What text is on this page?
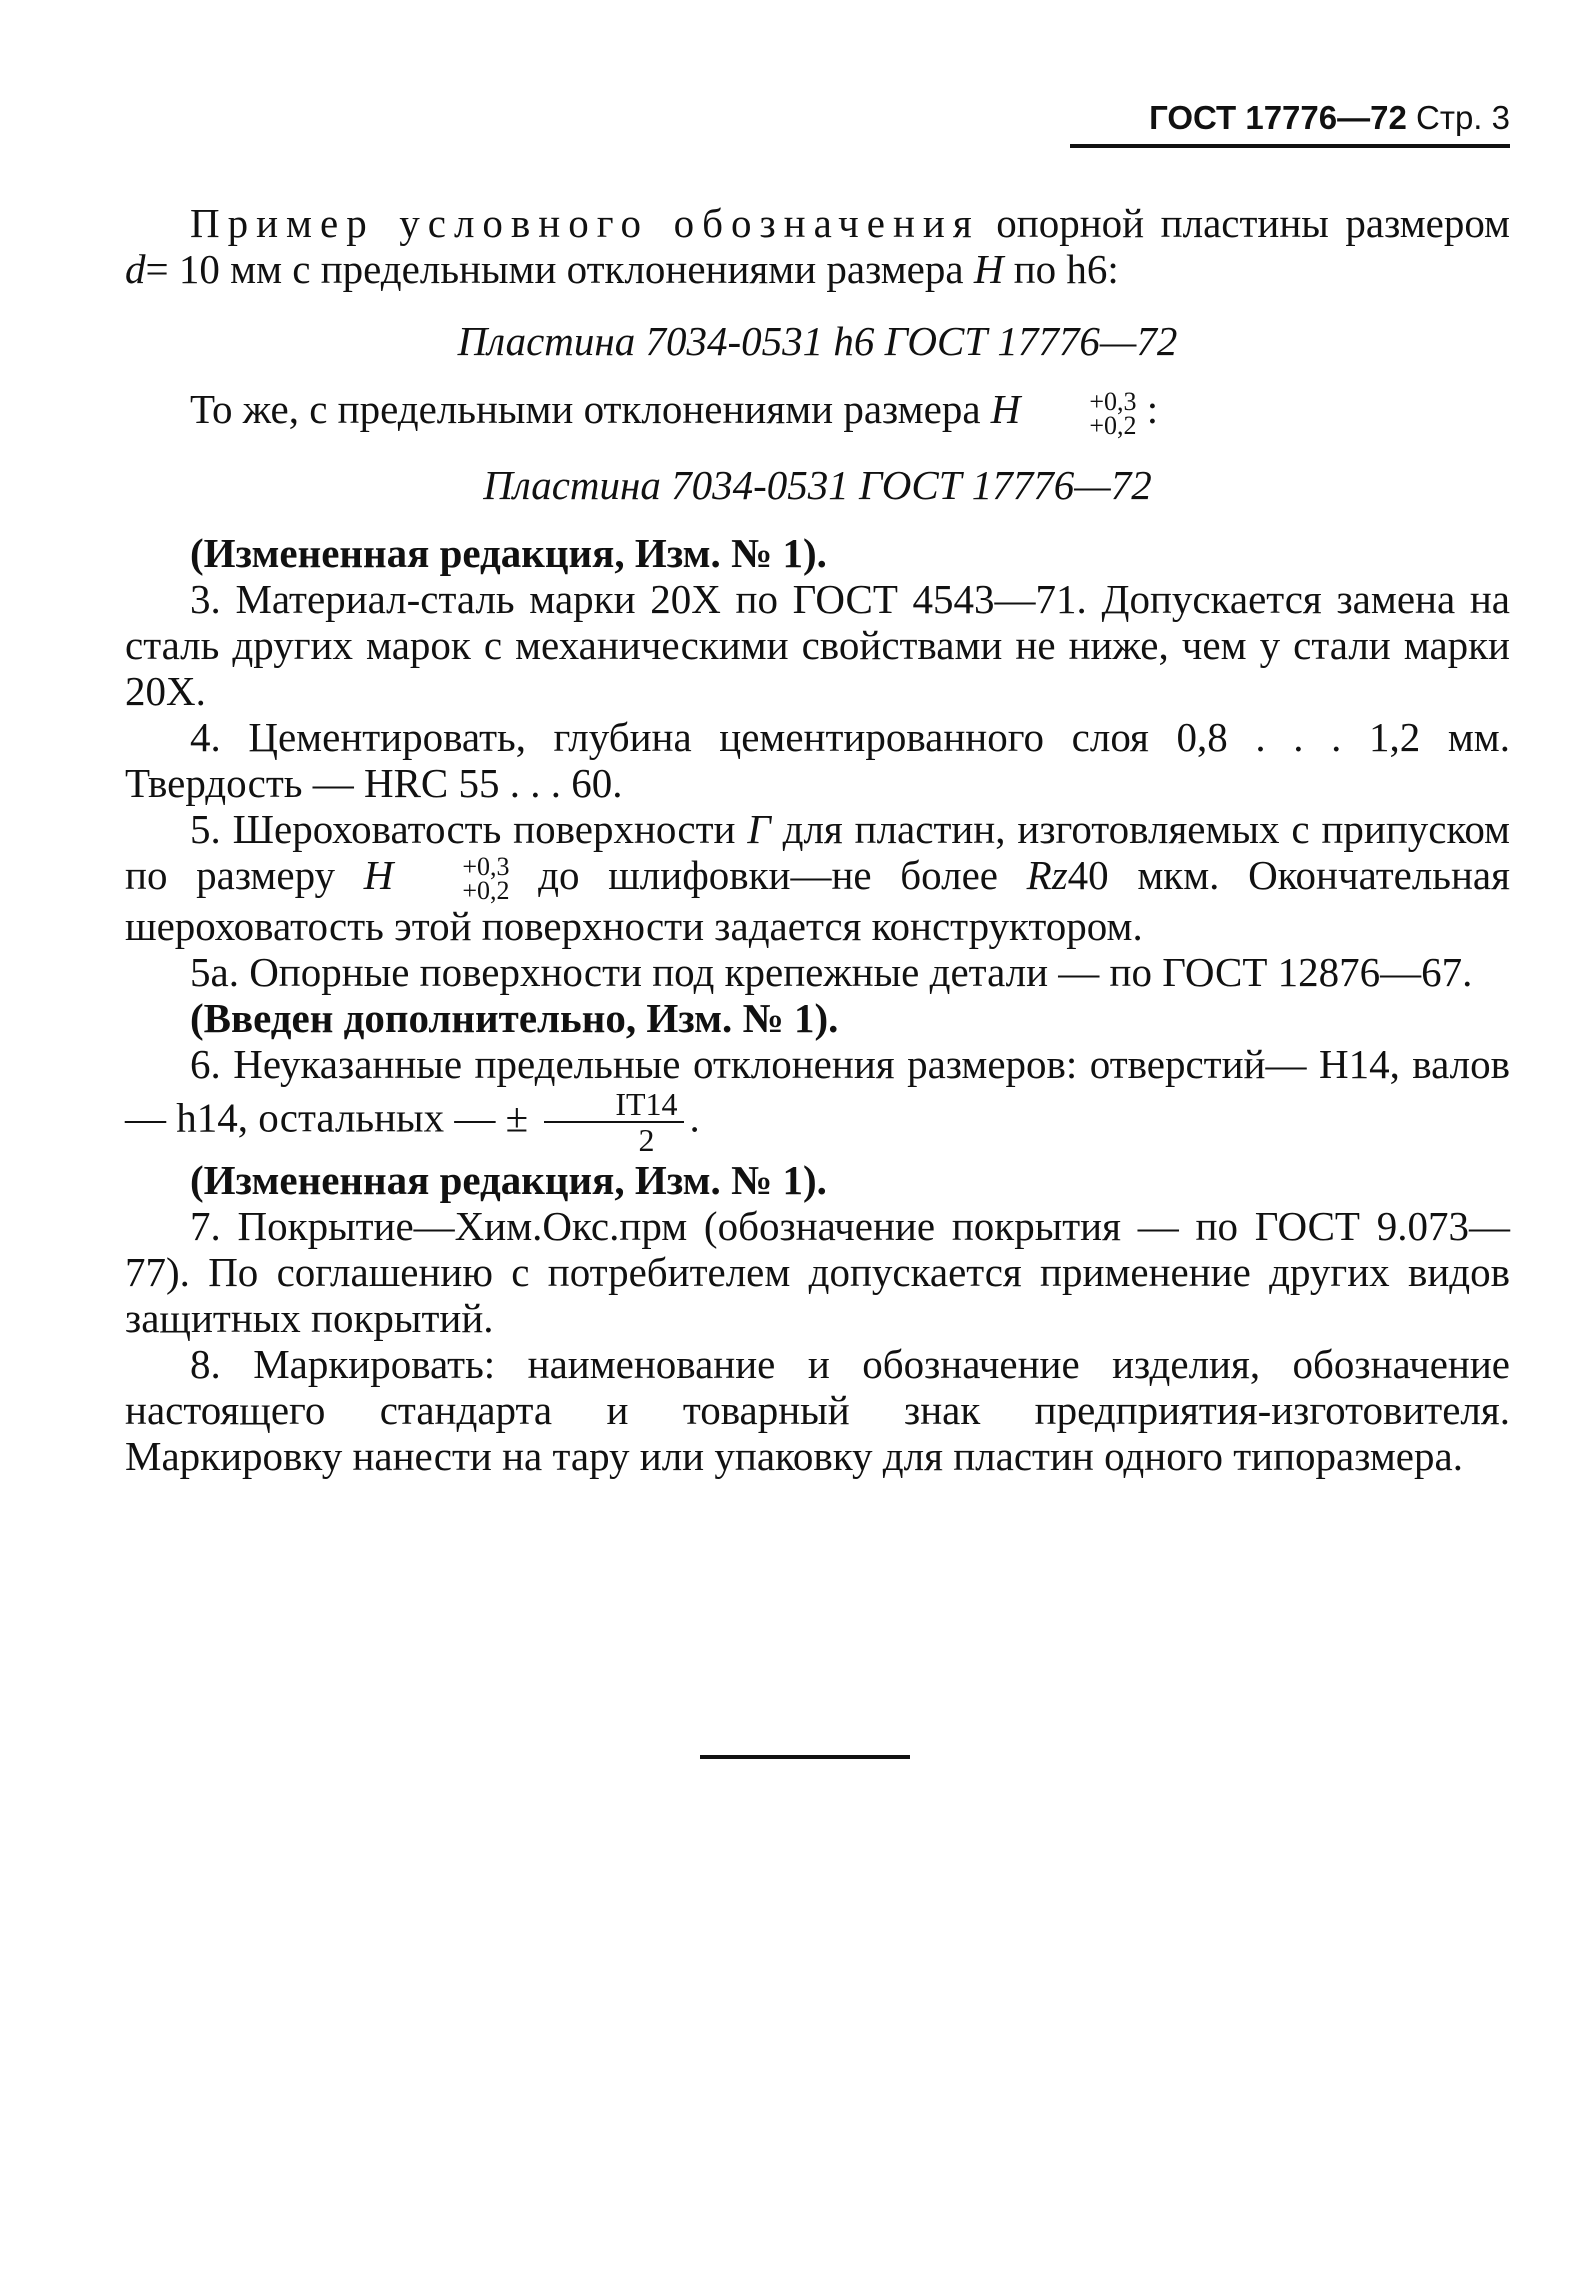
ГОСТ 17776—72 Стр. 3

Пример условного обозначения опорной пластины размером d= 10 мм с предельными отклонениями размера H по h6:

Пластина 7034-0531 h6 ГОСТ 17776—72

То же, с предельными отклонениями размера H	+0,3
+0,2 :

Пластина 7034-0531 ГОСТ 17776—72

(Измененная редакция, Изм. № 1).

3. Материал-сталь марки 20Х по ГОСТ 4543—71. Допускается замена на сталь других марок с механическими свойствами не ниже, чем у стали марки 20Х.

4. Цементировать, глубина цементированного слоя 0,8 . . . 1,2 мм. Твердость — HRC 55 . . . 60.

5. Шероховатость поверхности Г для пластин, изготовляемых с припуском по размеру H	+0,3
+0,2 до шлифовки—не более Rz40 мкм. Окончательная шероховатость этой поверхности задается конструктором.

5а. Опорные поверхности под крепежные детали — по ГОСТ 12876—67.

(Введен дополнительно, Изм. № 1).

6. Неуказанные предельные отклонения размеров: отверстий— H14, валов — h14, остальных — ± $\frac{IT14}{2}$ .

(Измененная редакция, Изм. № 1).

7. Покрытие—Хим.Окс.прм (обозначение покрытия — по ГОСТ 9.073—77). По соглашению с потребителем допускается применение других видов защитных покрытий.

8. Маркировать: наименование и обозначение изделия, обозначение настоящего стандарта и товарный знак предприятия-изготовителя. Маркировку нанести на тару или упаковку для пластин одного типоразмера.
